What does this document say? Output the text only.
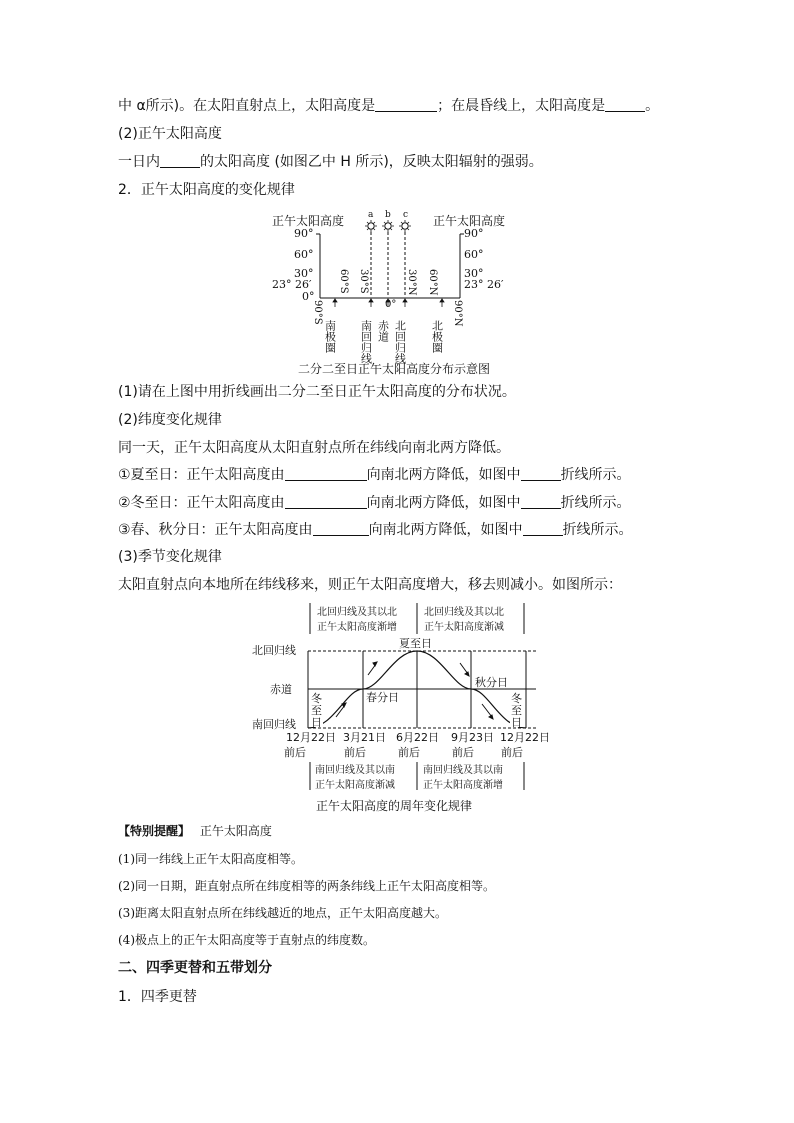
中 α所示)。在太阳直射点上，太阳高度是	；在晨昏线上，太阳高度是	。
(2)正午太阳高度
一日内	的太阳高度 (如图乙中 H 所示)，反映太阳辐射的强弱。
2．正午太阳高度的变化规律
正午太阳高度	正午太阳高度
90°
60°
30°
23° 26′
0°
90°
60°
30°
23° 26′
a b c
60°S 30°S	30°N 60°N
90°S	0°	90°N
南极圈 南回归线 赤道 北回归线 北极圈
二分二至日正午太阳高度分布示意图
(1)请在上图中用折线画出二分二至日正午太阳高度的分布状况。
(2)纬度变化规律
同一天，正午太阳高度从太阳直射点所在纬线向南北两方降低。
①夏至日：正午太阳高度由	向南北两方降低，如图中	折线所示。
②冬至日：正午太阳高度由	向南北两方降低，如图中	折线所示。
③春、秋分日：正午太阳高度由	向南北两方降低，如图中	折线所示。
(3)季节变化规律
太阳直射点向本地所在纬线移来，则正午太阳高度增大，移去则减小。如图所示：
北回归线及其以北
正午太阳高度渐增
北回归线及其以北
正午太阳高度渐减
北回归线
赤道
南回归线
夏至日
春分日
秋分日
冬
至
日
冬
至
日
12月22日 3月21日 6月22日 9月23日 12月22日
前后	前后	前后	前后 前后
南回归线及其以南
正午太阳高度渐减
南回归线及其以南
正午太阳高度渐增
正午太阳高度的周年变化规律
【特别提醒】 正午太阳高度
(1)同一纬线上正午太阳高度相等。
(2)同一日期，距直射点所在纬度相等的两条纬线上正午太阳高度相等。
(3)距离太阳直射点所在纬线越近的地点，正午太阳高度越大。
(4)极点上的正午太阳高度等于直射点的纬度数。
二、四季更替和五带划分
1．四季更替
